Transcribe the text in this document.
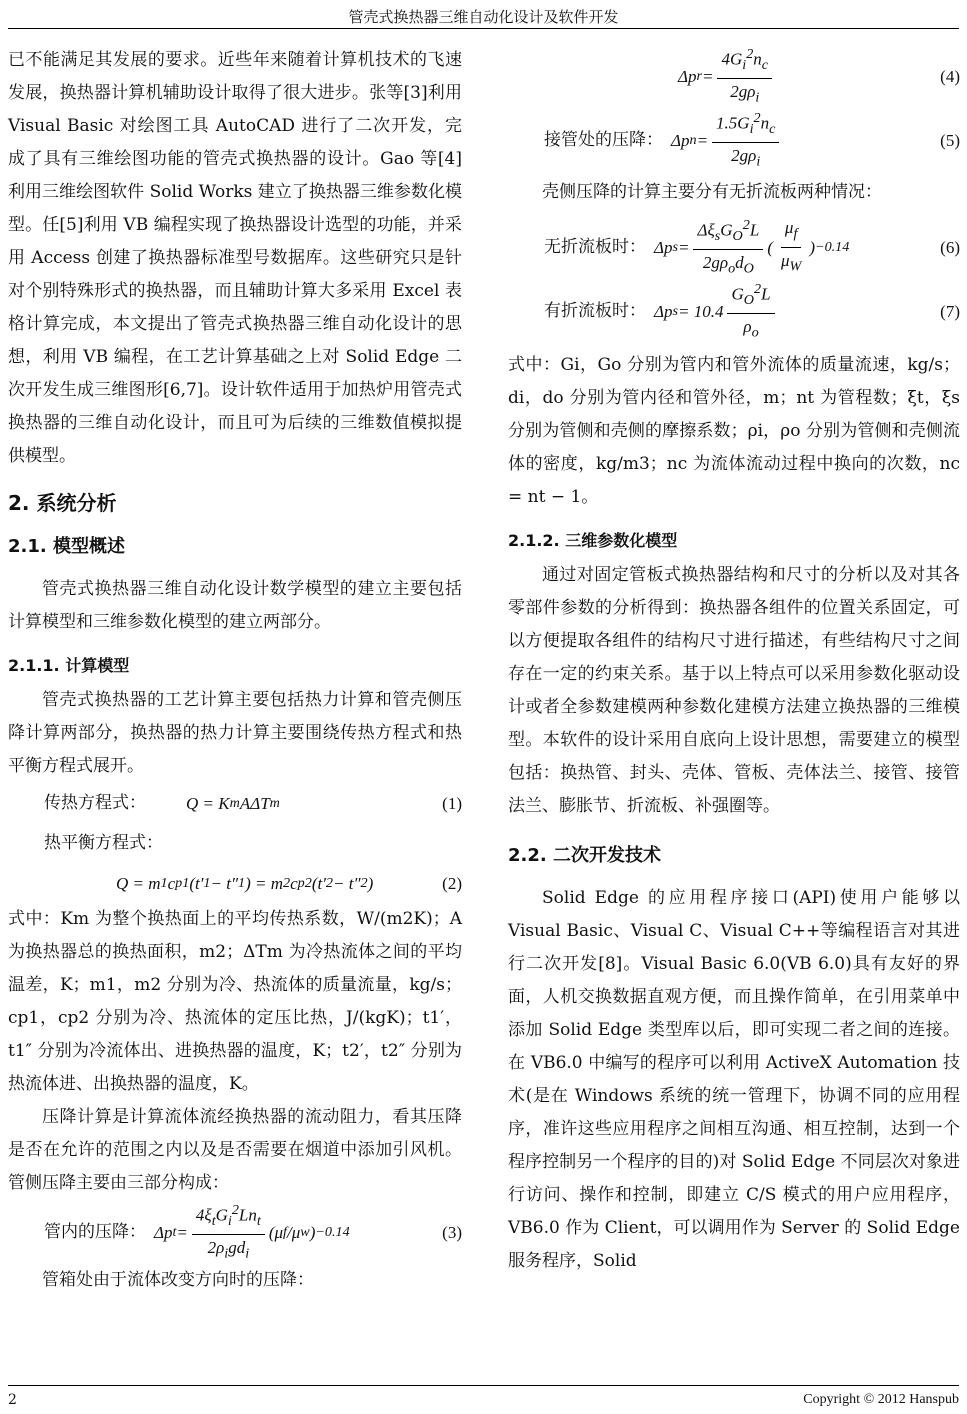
管壳式换热器三维自动化设计及软件开发

已不能满足其发展的要求。近些年来随着计算机技术的飞速发展，换热器计算机辅助设计取得了很大进步。张等[3]利用 Visual Basic 对绘图工具 AutoCAD 进行了二次开发，完成了具有三维绘图功能的管壳式换热器的设计。Gao 等[4]利用三维绘图软件 Solid Works 建立了换热器三维参数化模型。任[5]利用 VB 编程实现了换热器设计选型的功能，并采用 Access 创建了换热器标准型号数据库。这些研究只是针对个别特殊形式的换热器，而且辅助计算大多采用 Excel 表格计算完成，本文提出了管壳式换热器三维自动化设计的思想，利用 VB 编程，在工艺计算基础之上对 Solid Edge 二次开发生成三维图形[6,7]。设计软件适用于加热炉用管壳式换热器的三维自动化设计，而且可为后续的三维数值模拟提供模型。

2. 系统分析
2.1. 模型概述

管壳式换热器三维自动化设计数学模型的建立主要包括计算模型和三维参数化模型的建立两部分。

2.1.1. 计算模型

管壳式换热器的工艺计算主要包括热力计算和管壳侧压降计算两部分，换热器的热力计算主要围绕传热方程式和热平衡方程式展开。

传热方程式： Q = K m AΔT m	(1)
热平衡方程式：
Q = m 1 c p1 (t′ 1 − t″ 1 ) = m 2 c p2 (t′ 2 − t″ 2 )	(2)

式中：Km 为整个换热面上的平均传热系数，W/(m2K)；A 为换热器总的换热面积，m2；ΔTm 为冷热流体之间的平均温差，K；m1，m2 分别为冷、热流体的质量流量，kg/s；cp1，cp2 分别为冷、热流体的定压比热，J/(kgK)；t1′，t1″ 分别为冷流体出、进换热器的温度，K；t2′，t2″ 分别为热流体进、出换热器的温度，K。

压降计算是计算流体流经换热器的流动阻力，看其压降是否在允许的范围之内以及是否需要在烟道中添加引风机。管侧压降主要由三部分构成：

管内的压降： Δp $t = \frac{4\xi_tG_i^2Ln_t}{2\rho_igd_i} (\mu$ f /μ w ) −0.14	(3)

管箱处由于流体改变方向时的压降：

Δp $r = \frac{4G_i^2n_c}{2g\rho_i}$	(4)
接管处的压降： Δp $n = \frac{1.5G_i^2n_c}{2g\rho_i}$	(5)

壳侧压降的计算主要分有无折流板两种情况：

无折流板时： Δp $s = \frac{\Delta\xi_sG_O^2L}{2g\rho_od_O}$ ( $\frac{\mu_f}{\mu_W}$ ) −0.14	(6)
有折流板时： Δp $s = 10.4 \frac{G_O^2L}{\rho_o}$	(7)

式中：Gi，Go 分别为管内和管外流体的质量流速，kg/s；di，do 分别为管内径和管外径，m；nt 为管程数；ξt，ξs 分别为管侧和壳侧的摩擦系数；ρi，ρo 分别为管侧和壳侧流体的密度，kg/m3；nc 为流体流动过程中换向的次数，nc = nt − 1。

2.1.2. 三维参数化模型

通过对固定管板式换热器结构和尺寸的分析以及对其各零部件参数的分析得到：换热器各组件的位置关系固定，可以方便提取各组件的结构尺寸进行描述，有些结构尺寸之间存在一定的约束关系。基于以上特点可以采用参数化驱动设计或者全参数建模两种参数化建模方法建立换热器的三维模型。本软件的设计采用自底向上设计思想，需要建立的模型包括：换热管、封头、壳体、管板、壳体法兰、接管、接管法兰、膨胀节、折流板、补强圈等。

2.2. 二次开发技术

Solid Edge 的应用程序接口(API)使用户能够以 Visual Basic、Visual C、Visual C++等编程语言对其进行二次开发[8]。Visual Basic 6.0(VB 6.0)具有友好的界面，人机交换数据直观方便，而且操作简单，在引用菜单中添加 Solid Edge 类型库以后，即可实现二者之间的连接。在 VB6.0 中编写的程序可以利用 ActiveX Automation 技术(是在 Windows 系统的统一管理下，协调不同的应用程序，准许这些应用程序之间相互沟通、相互控制，达到一个程序控制另一个程序的目的)对 Solid Edge 不同层次对象进行访问、操作和控制，即建立 C/S 模式的用户应用程序，VB6.0 作为 Client，可以调用作为 Server 的 Solid Edge 服务程序，Solid

2	Copyright © 2012 Hanspub
